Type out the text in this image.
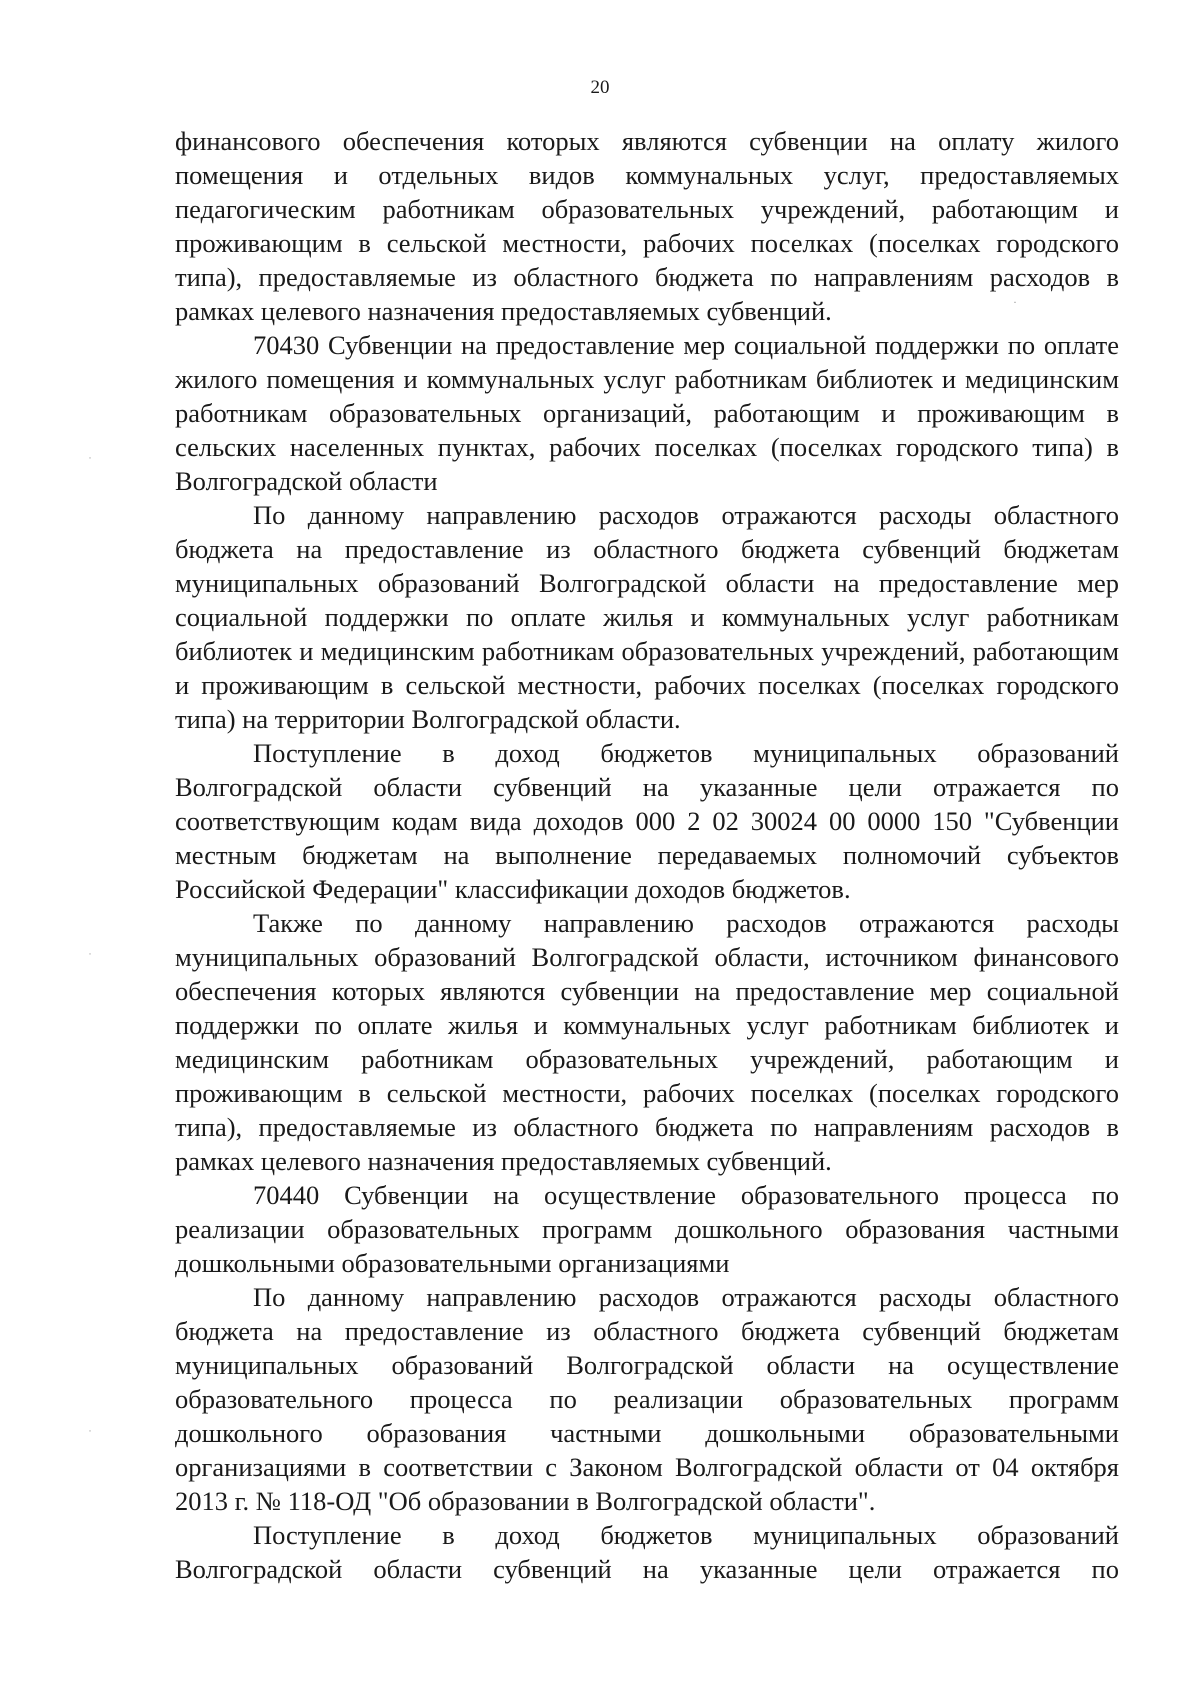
20

финансового обеспечения которых являются субвенции на оплату жилого помещения и отдельных видов коммунальных услуг, предоставляемых педагогическим работникам образовательных учреждений, работающим и проживающим в сельской местности, рабочих поселках (поселках городского типа), предоставляемые из областного бюджета по направлениям расходов в рамках целевого назначения предоставляемых субвенций.

70430 Субвенции на предоставление мер социальной поддержки по оплате жилого помещения и коммунальных услуг работникам библиотек и медицинским работникам образовательных организаций, работающим и проживающим в сельских населенных пунктах, рабочих поселках (поселках городского типа) в Волгоградской области

По данному направлению расходов отражаются расходы областного бюджета на предоставление из областного бюджета субвенций бюджетам муниципальных образований Волгоградской области на предоставление мер социальной поддержки по оплате жилья и коммунальных услуг работникам библиотек и медицинским работникам образовательных учреждений, работающим и проживающим в сельской местности, рабочих поселках (поселках городского типа) на территории Волгоградской области.

Поступление в доход бюджетов муниципальных образований Волгоградской области субвенций на указанные цели отражается по соответствующим кодам вида доходов 000 2 02 30024 00 0000 150 "Субвенции местным бюджетам на выполнение передаваемых полномочий субъектов Российской Федерации" классификации доходов бюджетов.

Также по данному направлению расходов отражаются расходы муниципальных образований Волгоградской области, источником финансового обеспечения которых являются субвенции на предоставление мер социальной поддержки по оплате жилья и коммунальных услуг работникам библиотек и медицинским работникам образовательных учреждений, работающим и проживающим в сельской местности, рабочих поселках (поселках городского типа), предоставляемые из областного бюджета по направлениям расходов в рамках целевого назначения предоставляемых субвенций.

70440 Субвенции на осуществление образовательного процесса по реализации образовательных программ дошкольного образования частными дошкольными образовательными организациями

По данному направлению расходов отражаются расходы областного бюджета на предоставление из областного бюджета субвенций бюджетам муниципальных образований Волгоградской области на осуществление образовательного процесса по реализации образовательных программ дошкольного образования частными дошкольными образовательными организациями в соответствии с Законом Волгоградской области от 04 октября 2013 г. № 118-ОД "Об образовании в Волгоградской области".

Поступление в доход бюджетов муниципальных образований Волгоградской области субвенций на указанные цели отражается по

˙
˙
˙
·
